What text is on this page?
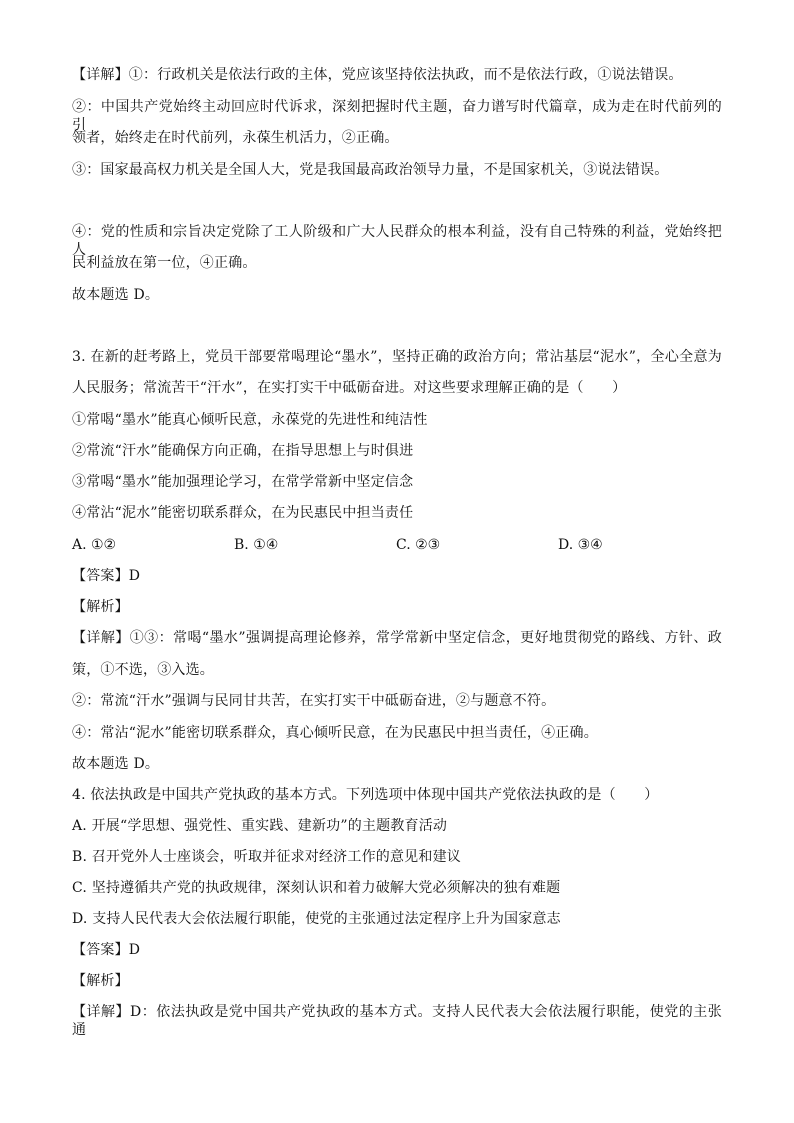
【详解】①：行政机关是依法行政的主体，党应该坚持依法执政，而不是依法行政，①说法错误。
②：中国共产党始终主动回应时代诉求，深刻把握时代主题，奋力谱写时代篇章，成为走在时代前列的引
领者，始终走在时代前列，永葆生机活力，②正确。
③：国家最高权力机关是全国人大，党是我国最高政治领导力量，不是国家机关，③说法错误。
④：党的性质和宗旨决定党除了工人阶级和广大人民群众的根本利益，没有自己特殊的利益，党始终把人
民利益放在第一位，④正确。
故本题选 D。
3. 在新的赶考路上，党员干部要常喝理论“墨水”，坚持正确的政治方向；常沾基层“泥水”，全心全意为
人民服务；常流苦干“汗水”，在实打实干中砥砺奋进。对这些要求理解正确的是（　　）
①常喝“墨水”能真心倾听民意，永葆党的先进性和纯洁性
②常流“汗水”能确保方向正确，在指导思想上与时俱进
③常喝“墨水”能加强理论学习，在常学常新中坚定信念
④常沾“泥水”能密切联系群众，在为民惠民中担当责任
A. ①②	B. ①④	C. ②③	D. ③④
【答案】D
【解析】
【详解】①③：常喝“墨水”强调提高理论修养，常学常新中坚定信念，更好地贯彻党的路线、方针、政
策，①不选，③入选。
②：常流“汗水”强调与民同甘共苦，在实打实干中砥砺奋进，②与题意不符。
④：常沾“泥水”能密切联系群众，真心倾听民意，在为民惠民中担当责任，④正确。
故本题选 D。
4. 依法执政是中国共产党执政的基本方式。下列选项中体现中国共产党依法执政的是（　　）
A. 开展“学思想、强党性、重实践、建新功”的主题教育活动
B. 召开党外人士座谈会，听取并征求对经济工作的意见和建议
C. 坚持遵循共产党的执政规律，深刻认识和着力破解大党必须解决的独有难题
D. 支持人民代表大会依法履行职能，使党的主张通过法定程序上升为国家意志
【答案】D
【解析】
【详解】D：依法执政是党中国共产党执政的基本方式。支持人民代表大会依法履行职能，使党的主张通
